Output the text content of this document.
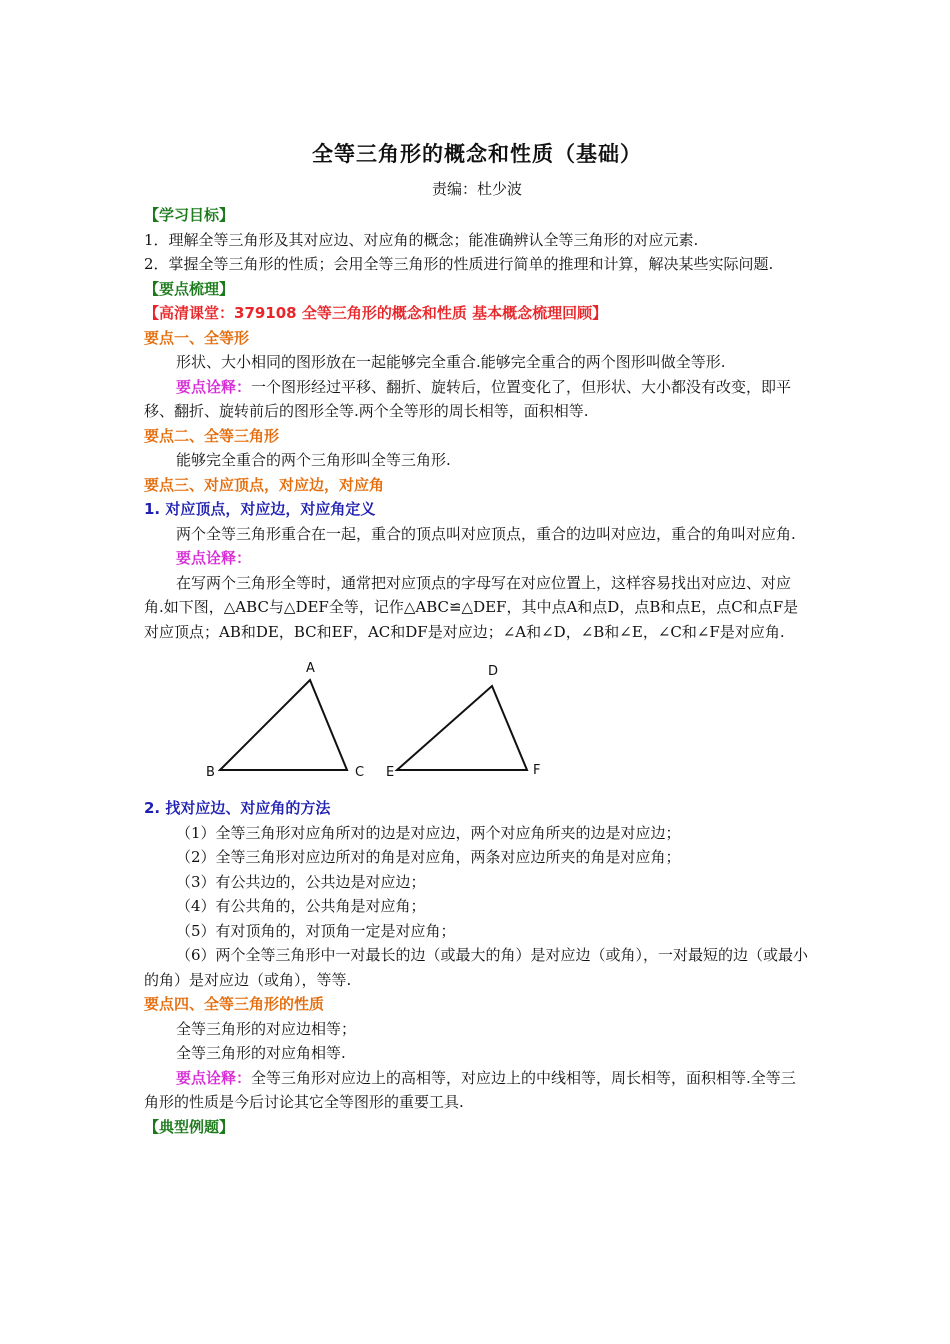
全等三角形的概念和性质（基础）
责编：杜少波

【学习目标】

1．理解全等三角形及其对应边、对应角的概念；能准确辨认全等三角形的对应元素.

2．掌握全等三角形的性质；会用全等三角形的性质进行简单的推理和计算，解决某些实际问题.

【要点梳理】

【高清课堂：379108 全等三角形的概念和性质 基本概念梳理回顾】

要点一、全等形

形状、大小相同的图形放在一起能够完全重合.能够完全重合的两个图形叫做全等形.

要点诠释：一个图形经过平移、翻折、旋转后，位置变化了，但形状、大小都没有改变，即平移、翻折、旋转前后的图形全等.两个全等形的周长相等，面积相等.

要点二、全等三角形

能够完全重合的两个三角形叫全等三角形.

要点三、对应顶点，对应边，对应角

1. 对应顶点，对应边，对应角定义

两个全等三角形重合在一起，重合的顶点叫对应顶点，重合的边叫对应边，重合的角叫对应角.

要点诠释：

在写两个三角形全等时，通常把对应顶点的字母写在对应位置上，这样容易找出对应边、对应角.如下图，△ABC与△DEF全等，记作△ABC≌△DEF，其中点A和点D，点B和点E，点C和点F是对应顶点；AB和DE，BC和EF，AC和DF是对应边；∠A和∠D，∠B和∠E，∠C和∠F是对应角.

A
B	C
D
E	F

2. 找对应边、对应角的方法

（1）全等三角形对应角所对的边是对应边，两个对应角所夹的边是对应边；

（2）全等三角形对应边所对的角是对应角，两条对应边所夹的角是对应角；

（3）有公共边的，公共边是对应边；

（4）有公共角的，公共角是对应角；

（5）有对顶角的，对顶角一定是对应角；

（6）两个全等三角形中一对最长的边（或最大的角）是对应边（或角），一对最短的边（或最小的角）是对应边（或角），等等.

要点四、全等三角形的性质

全等三角形的对应边相等；

全等三角形的对应角相等.

要点诠释：全等三角形对应边上的高相等，对应边上的中线相等，周长相等，面积相等.全等三角形的性质是今后讨论其它全等图形的重要工具.

【典型例题】
